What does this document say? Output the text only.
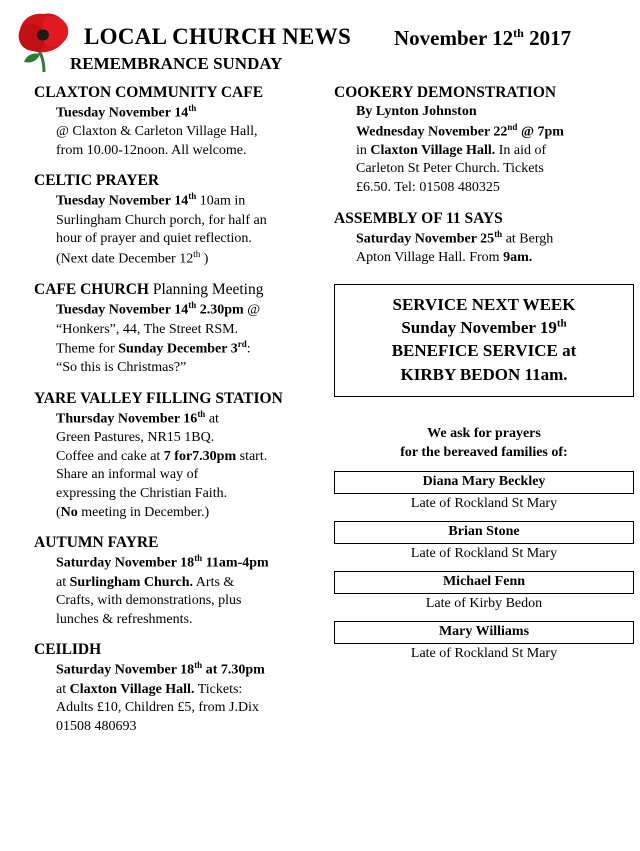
LOCAL CHURCH NEWS November 12th 2017
REMEMBRANCE SUNDAY
CLAXTON COMMUNITY CAFE
Tuesday November 14th
@ Claxton & Carleton Village Hall,
from 10.00-12noon. All welcome.
CELTIC PRAYER
Tuesday November 14th 10am in
Surlingham Church porch, for half an
hour of prayer and quiet reflection.
(Next date December 12th )
CAFE CHURCH Planning Meeting
Tuesday November 14th 2.30pm @
“Honkers”, 44, The Street RSM.
Theme for Sunday December 3rd:
“So this is Christmas?”
YARE VALLEY FILLING STATION
Thursday November 16th at
Green Pastures, NR15 1BQ.
Coffee and cake at 7 for7.30pm start.
Share an informal way of
expressing the Christian Faith.
(No meeting in December.)
AUTUMN FAYRE
Saturday November 18th 11am-4pm
at Surlingham Church. Arts &
Crafts, with demonstrations, plus
lunches & refreshments.
CEILIDH
Saturday November 18th at 7.30pm
at Claxton Village Hall. Tickets:
Adults £10, Children £5, from J.Dix
01508 480693
COOKERY DEMONSTRATION
By Lynton Johnston
Wednesday November 22nd @ 7pm
in Claxton Village Hall. In aid of
Carleton St Peter Church. Tickets
£6.50. Tel: 01508 480325
ASSEMBLY OF 11 SAYS
Saturday November 25th at Bergh
Apton Village Hall. From 9am.
SERVICE NEXT WEEK
Sunday November 19th
BENEFICE SERVICE at
KIRBY BEDON 11am.
We ask for prayers
for the bereaved families of:
Diana Mary Beckley
Late of Rockland St Mary
Brian Stone
Late of Rockland St Mary
Michael Fenn
Late of Kirby Bedon
Mary Williams
Late of Rockland St Mary
